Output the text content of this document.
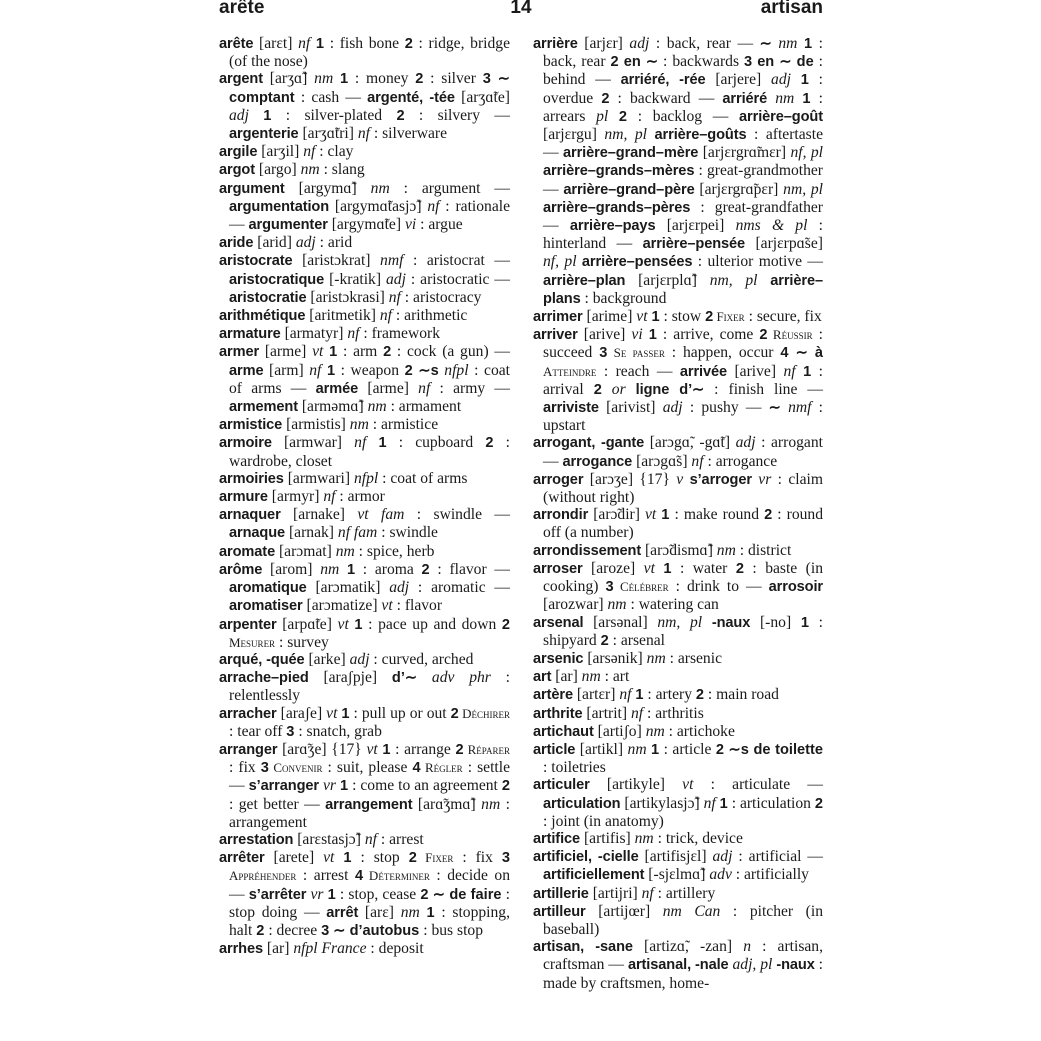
arête	14	artisan

arête [arɛt] nf 1 : fish bone 2 : ridge, bridge (of the nose)

argent [arʒɑ̃] nm 1 : money 2 : silver 3 ∼ comptant : cash — argenté, -tée [arʒɑ̃te] adj 1 : silver-plated 2 : silvery — argenterie [arʒɑ̃tri] nf : silverware

argile [arʒil] nf : clay

argot [argo] nm : slang

argument [argymɑ̃] nm : argument — argumentation [argymɑ̃tasjɔ̃] nf : rationale — argumenter [argymɑ̃te] vi : argue

aride [arid] adj : arid

aristocrate [aristɔkrat] nmf : aristocrat — aristocratique [-kratik] adj : aristocratic — aristocratie [aristɔkrasi] nf : aristocracy

arithmétique [aritmetik] nf : arithmetic

armature [armatyr] nf : framework

armer [arme] vt 1 : arm 2 : cock (a gun) — arme [arm] nf 1 : weapon 2 ∼s nfpl : coat of arms — armée [arme] nf : army — armement [arməmɑ̃] nm : armament

armistice [armistis] nm : armistice

armoire [armwar] nf 1 : cupboard 2 : wardrobe, closet

armoiries [armwari] nfpl : coat of arms

armure [armyr] nf : armor

arnaquer [arnake] vt fam : swindle — arnaque [arnak] nf fam : swindle

aromate [arɔmat] nm : spice, herb

arôme [arom] nm 1 : aroma 2 : flavor — aromatique [arɔmatik] adj : aromatic — aromatiser [arɔmatize] vt : flavor

arpenter [arpɑ̃te] vt 1 : pace up and down 2 Mesurer : survey

arqué, -quée [arke] adj : curved, arched

arrache–pied [araʃpje] d’∼ adv phr : relentlessly

arracher [araʃe] vt 1 : pull up or out 2 Déchirer : tear off 3 : snatch, grab

arranger [arɑ̃ʒe] {17} vt 1 : arrange 2 Réparer : fix 3 Convenir : suit, please 4 Régler : settle — s’arranger vr 1 : come to an agreement 2 : get better — arrangement [arɑ̃ʒmɑ̃] nm : arrangement

arrestation [arɛstasjɔ̃] nf : arrest

arrêter [arete] vt 1 : stop 2 Fixer : fix 3 Appréhender : arrest 4 Déterminer : decide on — s’arrêter vr 1 : stop, cease 2 ∼ de faire : stop doing — arrêt [arɛ] nm 1 : stopping, halt 2 : decree 3 ∼ d’autobus : bus stop

arrhes [ar] nfpl France : deposit

arrière [arjɛr] adj : back, rear — ∼ nm 1 : back, rear 2 en ∼ : backwards 3 en ∼ de : behind — arriéré, -rée [arjere] adj 1 : overdue 2 : backward — arriéré nm 1 : arrears pl 2 : backlog — arrière–goût [arjɛrgu] nm, pl arrière–goûts : aftertaste — arrière–grand–mère [arjɛrgrɑ̃mɛr] nf, pl arrière–grands–mères : great-grandmother — arrière–grand–père [arjɛrgrɑ̃pɛr] nm, pl arrière–grands–pères : great-grandfather — arrière–pays [arjɛrpei] nms & pl : hinterland — arrière–pensée [arjɛrpɑ̃se] nf, pl arrière–pensées : ulterior motive — arrière–plan [arjɛrplɑ̃] nm, pl arrière–plans : background

arrimer [arime] vt 1 : stow 2 Fixer : secure, fix

arriver [arive] vi 1 : arrive, come 2 Réussir : succeed 3 Se passer : happen, occur 4 ∼ à Atteindre : reach — arrivée [arive] nf 1 : arrival 2 or ligne d’∼ : finish line — arriviste [arivist] adj : pushy — ∼ nmf : upstart

arrogant, -gante [arɔgɑ̃, -gɑ̃t] adj : arrogant — arrogance [arɔgɑ̃s] nf : arrogance

arroger [arɔʒe] {17} v s’arroger vr : claim (without right)

arrondir [arɔ̃dir] vt 1 : make round 2 : round off (a number)

arrondissement [arɔ̃dismɑ̃] nm : district

arroser [aroze] vt 1 : water 2 : baste (in cooking) 3 Célébrer : drink to — arrosoir [arozwar] nm : watering can

arsenal [arsənal] nm, pl -naux [-no] 1 : shipyard 2 : arsenal

arsenic [arsənik] nm : arsenic

art [ar] nm : art

artère [artɛr] nf 1 : artery 2 : main road

arthrite [artrit] nf : arthritis

artichaut [artiʃo] nm : artichoke

article [artikl] nm 1 : article 2 ∼s de toilette : toiletries

articuler [artikyle] vt : articulate — articulation [artikylasjɔ̃] nf 1 : articulation 2 : joint (in anatomy)

artifice [artifis] nm : trick, device

artificiel, -cielle [artifisjɛl] adj : artificial — artificiellement [-sjɛlmɑ̃] adv : artificially

artillerie [artijri] nf : artillery

artilleur [artijœr] nm Can : pitcher (in baseball)

artisan, -sane [artizɑ̃, -zan] n : artisan, craftsman — artisanal, -nale adj, pl -naux : made by craftsmen, home-
